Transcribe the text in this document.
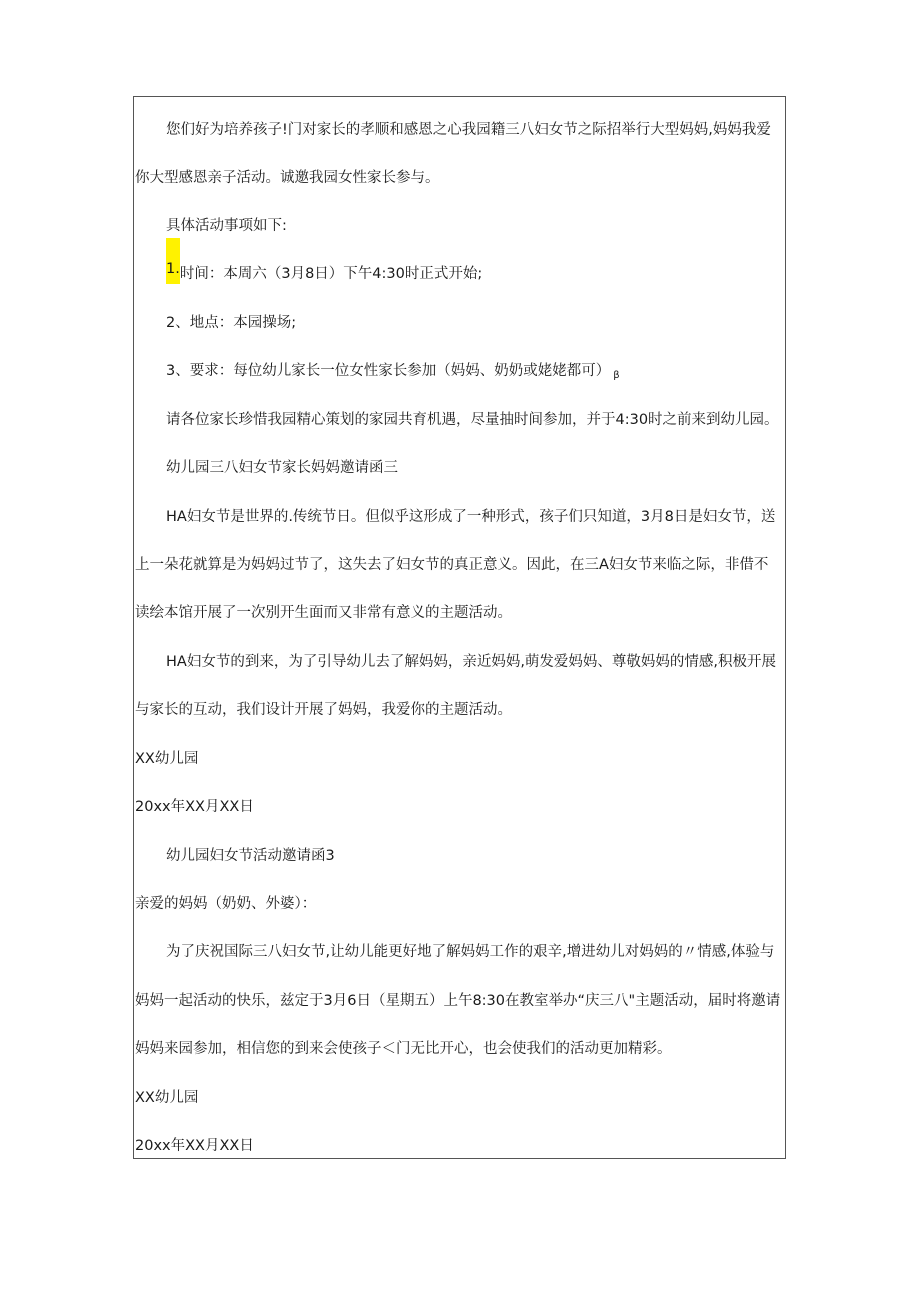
您们好为培养孩子!门对家长的孝顺和感恩之心我园籍三八妇女节之际招举行大型妈妈,妈妈我爱
你大型感恩亲子活动。诚邀我园女性家长参与。
具体活动事项如下:
1.时间：本周六（3月8日）下午4:30时正式开始;
2、地点：本园操场;
3、要求：每位幼儿家长一位女性家长参加（妈妈、奶奶或姥姥都可） $_\beta$
请各位家长珍惜我园精心策划的家园共育机遇，尽量抽时间参加，并于4:30时之前来到幼儿园。
幼儿园三八妇女节家长妈妈邀请函三
HA妇女节是世界的.传统节日。但似乎这形成了一种形式，孩子们只知道，3月8日是妇女节，送
上一朵花就算是为妈妈过节了，这失去了妇女节的真正意义。因此，在三A妇女节来临之际，非借不
读绘本馆开展了一次别开生面而又非常有意义的主题活动。
HA妇女节的到来，为了引导幼儿去了解妈妈，亲近妈妈,萌发爱妈妈、尊敬妈妈的情感,积极开展
与家长的互动，我们设计开展了妈妈，我爱你的主题活动。
XX幼儿园
20xx年XX月XX日
幼儿园妇女节活动邀请函3
亲爱的妈妈（奶奶、外婆）：
为了庆祝国际三八妇女节,让幼儿能更好地了解妈妈工作的艰辛,增进幼儿对妈妈的〃情感,体验与
妈妈一起活动的快乐，兹定于3月6日（星期五）上午8:30在教室举办“庆三八"主题活动，届时将邀请
妈妈来园参加，相信您的到来会使孩子＜门无比开心，也会使我们的活动更加精彩。
XX幼儿园
20xx年XX月XX日
